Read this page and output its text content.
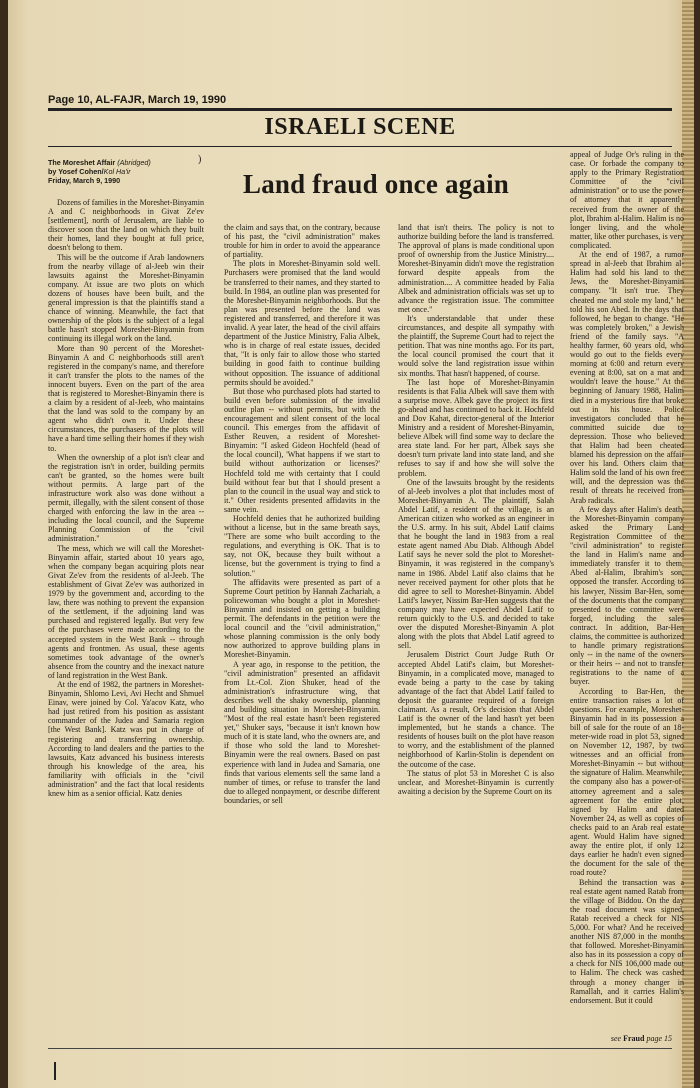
Page 10, AL-FAJR, March 19, 1990
ISRAELI SCENE
The Moreshet Affair (Abridged)
by Yosef Cohen/Kol Ha'ir
Friday, March 9, 1990
)
Land fraud once again

Dozens of families in the Moreshet-Binyamin A and C neighborhoods in Givat Ze'ev [settlement], north of Jerusalem, are liable to discover soon that the land on which they built their homes, land they bought at full price, doesn't belong to them.

This will be the outcome if Arab landowners from the nearby village of al-Jeeb win their lawsuits against the Moreshet-Binyamin company. At issue are two plots on which dozens of houses have been built, and the general impression is that the plaintiffs stand a chance of winning. Meanwhile, the fact that ownership of the plots is the subject of a legal battle hasn't stopped Moreshet-Binyamin from continuing its illegal work on the land.

More than 90 percent of the Moreshet-Binyamin A and C neighborhoods still aren't registered in the company's name, and therefore it can't transfer the plots to the names of the innocent buyers. Even on the part of the area that is registered to Moreshet-Binyamin there is a claim by a resident of al-Jeeb, who maintains that the land was sold to the company by an agent who didn't own it. Under these circumstances, the purchasers of the plots will have a hard time selling their homes if they wish to.

When the ownership of a plot isn't clear and the registration isn't in order, building permits can't be granted, so the homes were built without permits. A large part of the infrastructure work also was done without a permit, illegally, with the silent consent of those charged with enforcing the law in the area -- including the local council, and the Supreme Planning Commission of the "civil administration."

The mess, which we will call the Moreshet-Binyamin affair, started about 10 years ago, when the company began acquiring plots near Givat Ze'ev from the residents of al-Jeeb. The establishment of Givat Ze'ev was authorized in 1979 by the government and, according to the law, there was nothing to prevent the expansion of the settlement, if the adjoining land was purchased and registered legally. But very few of the purchases were made according to the accepted system in the West Bank -- through agents and frontmen. As usual, these agents sometimes took advantage of the owner's absence from the country and the inexact nature of land registration in the West Bank.

At the end of 1982, the partners in Moreshet-Binyamin, Shlomo Levi, Avi Hecht and Shmuel Einav, were joined by Col. Ya'acov Katz, who had just retired from his position as assistant commander of the Judea and Samaria region [the West Bank]. Katz was put in charge of registering and transferring ownership. According to land dealers and the parties to the lawsuits, Katz advanced his business interests through his knowledge of the area, his familiarity with officials in the "civil administration" and the fact that local residents knew him as a senior official. Katz denies

the claim and says that, on the contrary, because of his past, the "civil administration" makes trouble for him in order to avoid the appearance of partiality.

The plots in Moreshet-Binyamin sold well. Purchasers were promised that the land would be transferred to their names, and they started to build. In 1984, an outline plan was presented for the Moreshet-Binyamin neighborhoods. But the plan was presented before the land was registered and transferred, and therefore it was invalid. A year later, the head of the civil affairs department of the Justice Ministry, Falia Albek, who is in charge of real estate issues, decided that, "It is only fair to allow those who started building in good faith to continue building without opposition. The issuance of additional permits should be avoided."

But those who purchased plots had started to build even before submission of the invalid outline plan -- without permits, but with the encouragement and silent consent of the local council. This emerges from the affidavit of Esther Reuven, a resident of Moreshet-Binyamin: "I asked Gideon Hochfeld (head of the local council), 'What happens if we start to build without authorization or licenses?' Hochfeld told me with certainty that I could build without fear but that I should present a plan to the council in the usual way and stick to it." Other residents presented affidavits in the same vein.

Hochfeld denies that he authorized building without a license, but in the same breath says, "There are some who built according to the regulations, and everything is OK. That is to say, not OK, because they built without a license, but the government is trying to find a solution."

The affidavits were presented as part of a Supreme Court petition by Hannah Zachariah, a policewoman who bought a plot in Moreshet-Binyamin and insisted on getting a building permit. The defendants in the petition were the local council and the "civil administration," whose planning commission is the only body now authorized to approve building plans in Moreshet-Binyamin.

A year ago, in response to the petition, the "civil administration" presented an affidavit from Lt.-Col. Zion Shuker, head of the administration's infrastructure wing, that describes well the shaky ownership, planning and building situation in Moreshet-Binyamin. "Most of the real estate hasn't been registered yet," Shuker says, "because it isn't known how much of it is state land, who the owners are, and if those who sold the land to Moreshet-Binyamin were the real owners. Based on past experience with land in Judea and Samaria, one finds that various elements sell the same land a number of times, or refuse to transfer the land due to alleged nonpayment, or describe different boundaries, or sell

land that isn't theirs. The policy is not to authorize building before the land is transferred. The approval of plans is made conditional upon proof of ownership from the Justice Ministry.... Moreshet-Binyamin didn't move the registration forward despite appeals from the administration.... A committee headed by Falia Albek and administration officials was set up to advance the registration issue. The committee met once."

It's understandable that under these circumstances, and despite all sympathy with the plaintiff, the Supreme Court had to reject the petition. That was nine months ago. For its part, the local council promised the court that it would solve the land registration issue within six months. That hasn't happened, of course.

The last hope of Moreshet-Binyamin residents is that Falia Albek will save them with a surprise move. Albek gave the project its first go-ahead and has continued to back it. Hochfeld and Dov Kahat, director-general of the Interior Ministry and a resident of Moreshet-Binyamin, believe Albek will find some way to declare the area state land. For her part, Albek says she doesn't turn private land into state land, and she refuses to say if and how she will solve the problem.

One of the lawsuits brought by the residents of al-Jeeb involves a plot that includes most of Moreshet-Binyamin A. The plaintiff, Salah Abdel Latif, a resident of the village, is an American citizen who worked as an engineer in the U.S. army. In his suit, Abdel Latif claims that he bought the land in 1983 from a real estate agent named Abu Diab. Although Abdel Latif says he never sold the plot to Moreshet-Binyamin, it was registered in the company's name in 1986. Abdel Latif also claims that he never received payment for other plots that he did agree to sell to Moreshet-Binyamin. Abdel Latif's lawyer, Nissim Bar-Hen suggests that the company may have expected Abdel Latif to return quickly to the U.S. and decided to take over the disputed Moreshet-Binyamin A plot along with the plots that Abdel Latif agreed to sell.

Jerusalem District Court Judge Ruth Or accepted Abdel Latif's claim, but Moreshet-Binyamin, in a complicated move, managed to evade being a party to the case by taking advantage of the fact that Abdel Latif failed to deposit the guarantee required of a foreign claimant. As a result, Or's decision that Abdel Latif is the owner of the land hasn't yet been implemented, but he stands a chance. The residents of houses built on the plot have reason to worry, and the establishment of the planned neighborhood of Karlin-Stolin is dependent on the outcome of the case.

The status of plot 53 in Moreshet C is also unclear, and Moreshet-Binyamin is currently awaiting a decision by the Supreme Court on its

appeal of Judge Or's ruling in the case. Or forbade the company to apply to the Primary Registration Committee of the "civil administration" or to use the power of attorney that it apparently received from the owner of the plot, Ibrahim al-Halim. Halim is no longer living, and the whole matter, like other purchases, is very complicated.

At the end of 1987, a rumor spread in al-Jeeb that Ibrahim al-Halim had sold his land to the Jews, the Moreshet-Binyamin company. "It isn't true. They cheated me and stole my land," he told his son Abed. In the days that followed, he began to change. "He was completely broken," a Jewish friend of the family says. "A healthy farmer, 60 years old, who would go out to the fields every morning at 6:00 and return every evening at 8:00, sat on a mat and wouldn't leave the house." At the beginning of January 1988, Halim died in a mysterious fire that broke out in his house. Police investigators concluded that he committed suicide due to depression. Those who believed that Halim had been cheated blamed his depression on the affair over his land. Others claim that Halim sold the land of his own free will, and the depression was the result of threats he received from Arab radicals.

A few days after Halim's death, the Moreshet-Binyamin company asked the Primary Land Registration Committee of the "civil administration" to register the land in Halim's name and immediately transfer it to them. Abed al-Halim, Ibrahim's son, opposed the transfer. According to his lawyer, Nissim Bar-Hen, some of the documents that the company presented to the committee were forged, including the sales contract. In addition, Bar-Hen claims, the committee is authorized to handle primary registrations only -- in the name of the owners or their heirs -- and not to transfer registrations to the name of a buyer.

According to Bar-Hen, the entire transaction raises a lot of questions. For example, Moreshet-Binyamin had in its possession a bill of sale for the route of an 18-meter-wide road in plot 53, signed on November 12, 1987, by two witnesses and an official from Moreshet-Binyamin -- but without the signature of Halim. Meanwhile, the company also has a power-of-attorney agreement and a sales agreement for the entire plot, signed by Halim and dated November 24, as well as copies of checks paid to an Arab real estate agent. Would Halim have signed away the entire plot, if only 12 days earlier he hadn't even signed the document for the sale of the road route?

Behind the transaction was a real estate agent named Ratab from the village of Biddou. On the day the road document was signed, Ratab received a check for NIS 5,000. For what? And he received another NIS 87,000 in the months that followed. Moreshet-Binyamin also has in its possession a copy of a check for NIS 106,000 made out to Halim. The check was cashed through a money changer in Ramallah, and it carries Halim's endorsement. But it could

see Fraud page 15
